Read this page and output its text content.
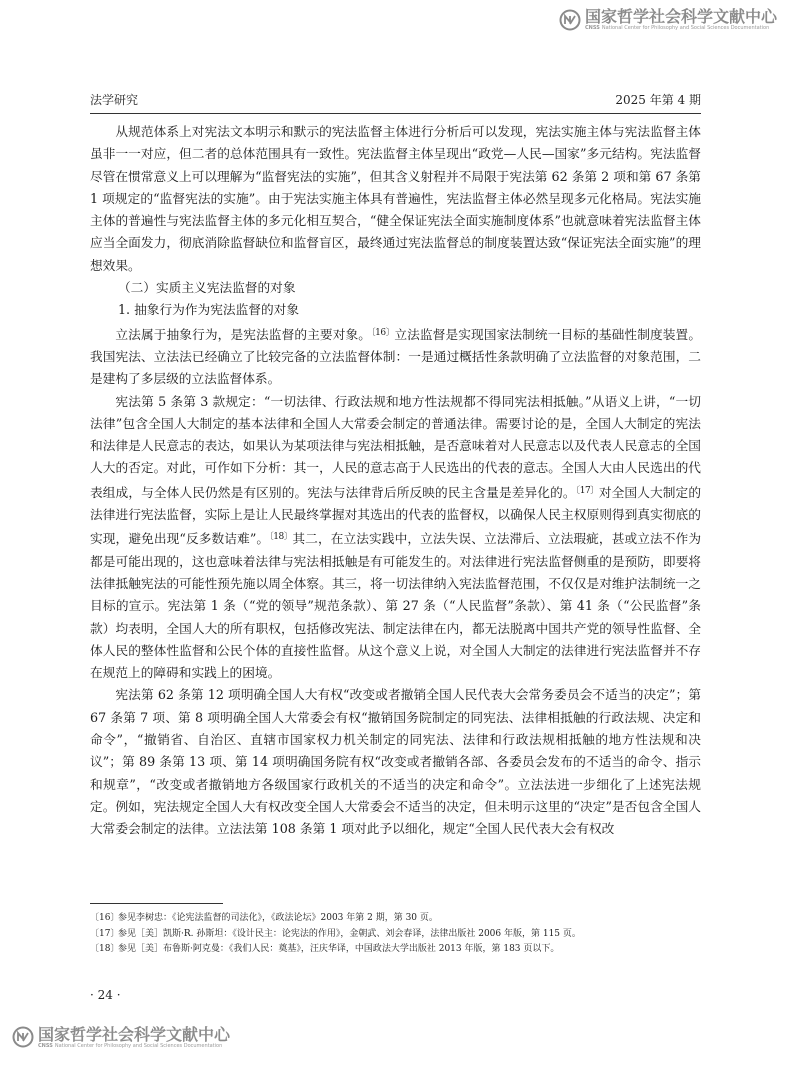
国家哲学社会科学文献中心
CNSS National Center for Philosophy and Social Sciences Documentation
法学研究	2025 年第 4 期

从规范体系上对宪法文本明示和默示的宪法监督主体进行分析后可以发现，宪法实施主体与宪法监督主体虽非一一对应，但二者的总体范围具有一致性。宪法监督主体呈现出“政党—人民—国家”多元结构。宪法监督尽管在惯常意义上可以理解为“监督宪法的实施”，但其含义射程并不局限于宪法第 62 条第 2 项和第 67 条第 1 项规定的“监督宪法的实施”。由于宪法实施主体具有普遍性，宪法监督主体必然呈现多元化格局。宪法实施主体的普遍性与宪法监督主体的多元化相互契合，“健全保证宪法全面实施制度体系”也就意味着宪法监督主体应当全面发力，彻底消除监督缺位和监督盲区，最终通过宪法监督总的制度装置达致“保证宪法全面实施”的理想效果。

（二）实质主义宪法监督的对象

1. 抽象行为作为宪法监督的对象

立法属于抽象行为，是宪法监督的主要对象。$^{〔16〕}$立法监督是实现国家法制统一目标的基础性制度装置。我国宪法、立法法已经确立了比较完备的立法监督体制：一是通过概括性条款明确了立法监督的对象范围，二是建构了多层级的立法监督体系。

宪法第 5 条第 3 款规定：“一切法律、行政法规和地方性法规都不得同宪法相抵触。”从语义上讲，“一切法律”包含全国人大制定的基本法律和全国人大常委会制定的普通法律。需要讨论的是，全国人大制定的宪法和法律是人民意志的表达，如果认为某项法律与宪法相抵触，是否意味着对人民意志以及代表人民意志的全国人大的否定。对此，可作如下分析：其一，人民的意志高于人民选出的代表的意志。全国人大由人民选出的代表组成，与全体人民仍然是有区别的。宪法与法律背后所反映的民主含量是差异化的。$^{〔17〕}$对全国人大制定的法律进行宪法监督，实际上是让人民最终掌握对其选出的代表的监督权，以确保人民主权原则得到真实彻底的实现，避免出现“反多数诘难”。$^{〔18〕}$其二，在立法实践中，立法失误、立法滞后、立法瑕疵，甚或立法不作为都是可能出现的，这也意味着法律与宪法相抵触是有可能发生的。对法律进行宪法监督侧重的是预防，即要将法律抵触宪法的可能性预先施以周全体察。其三，将一切法律纳入宪法监督范围，不仅仅是对维护法制统一之目标的宣示。宪法第 1 条（“党的领导”规范条款）、第 27 条（“人民监督”条款）、第 41 条（“公民监督”条款）均表明，全国人大的所有职权，包括修改宪法、制定法律在内，都无法脱离中国共产党的领导性监督、全体人民的整体性监督和公民个体的直接性监督。从这个意义上说，对全国人大制定的法律进行宪法监督并不存在规范上的障碍和实践上的困境。

宪法第 62 条第 12 项明确全国人大有权“改变或者撤销全国人民代表大会常务委员会不适当的决定”；第 67 条第 7 项、第 8 项明确全国人大常委会有权“撤销国务院制定的同宪法、法律相抵触的行政法规、决定和命令”，“撤销省、自治区、直辖市国家权力机关制定的同宪法、法律和行政法规相抵触的地方性法规和决议”；第 89 条第 13 项、第 14 项明确国务院有权“改变或者撤销各部、各委员会发布的不适当的命令、指示和规章”，“改变或者撤销地方各级国家行政机关的不适当的决定和命令”。立法法进一步细化了上述宪法规定。例如，宪法规定全国人大有权改变全国人大常委会不适当的决定，但未明示这里的“决定”是否包含全国人大常委会制定的法律。立法法第 108 条第 1 项对此予以细化，规定“全国人民代表大会有权改

〔16〕
参见李树忠：《论宪法监督的司法化》，《政法论坛》2003 年第 2 期，第 30 页。
〔17〕
参见［美］凯斯·R. 孙斯坦：《设计民主：论宪法的作用》，金朝武、刘会春译，法律出版社 2006 年版，第 115 页。
〔18〕
参见［美］布鲁斯·阿克曼：《我们人民：奠基》，汪庆华译，中国政法大学出版社 2013 年版，第 183 页以下。
· 24 ·
国家哲学社会科学文献中心
CNSS National Center for Philosophy and Social Sciences Documentation
